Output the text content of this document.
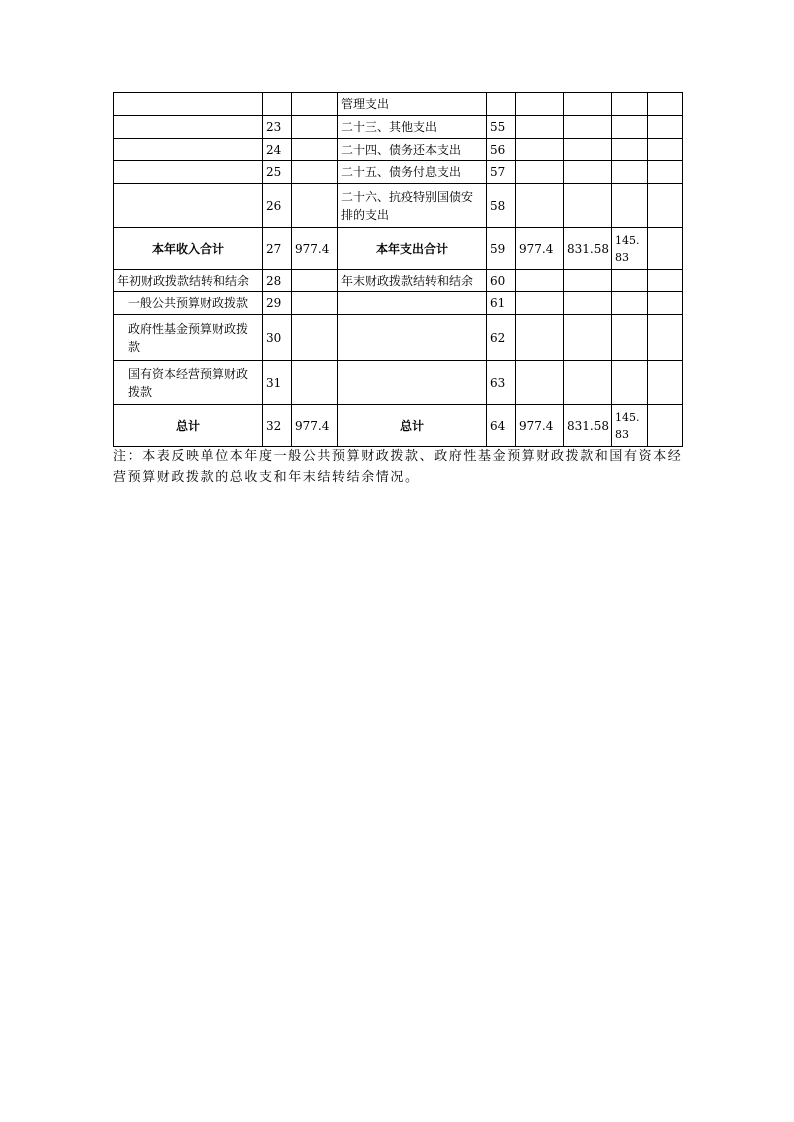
			管理支出					
	23		二十三、其他支出	55				
	24		二十四、债务还本支出	56				
	25		二十五、债务付息支出	57				
	26		二十六、抗疫特别国债安排的支出	58				
本年收入合计	27	977.4	本年支出合计	59	977.4	831.58	145.83	
年初财政拨款结转和结余	28		年末财政拨款结转和结余	60				
一般公共预算财政拨款	29			61				
政府性基金预算财政拨款	30			62				
国有资本经营预算财政拨款	31			63				
总计	32	977.4	总计	64	977.4	831.58	145.83	
注：本表反映单位本年度一般公共预算财政拨款、政府性基金预算财政拨款和国有资本经营预算财政拨款的总收支和年末结转结余情况。
